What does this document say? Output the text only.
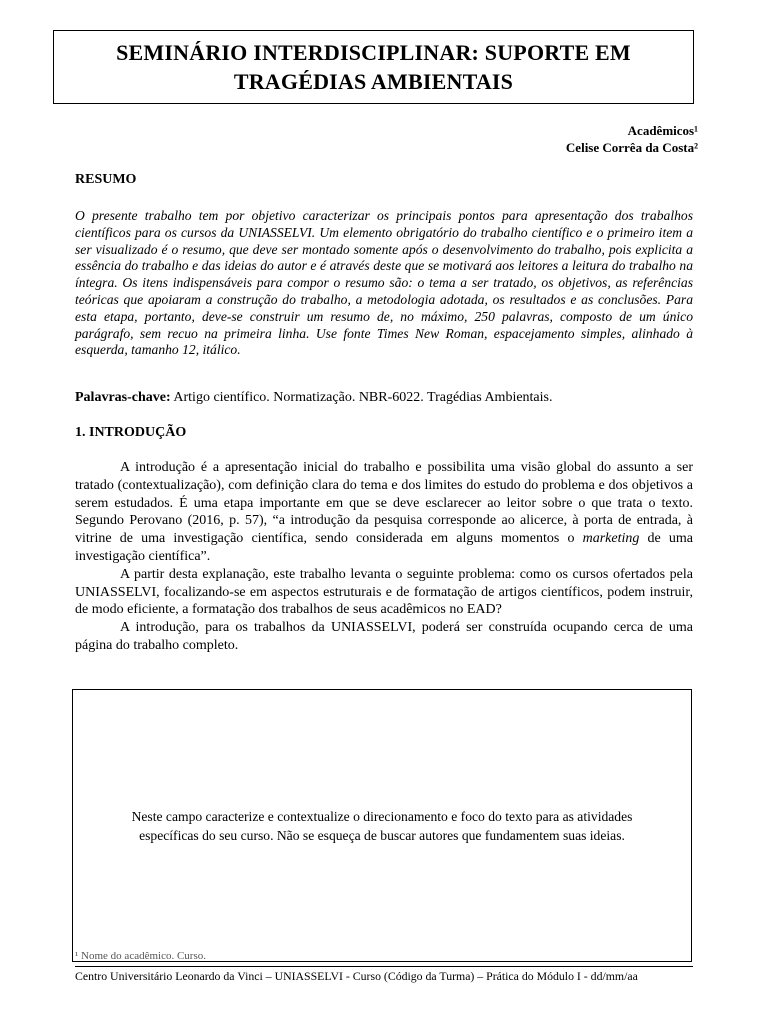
SEMINÁRIO INTERDISCIPLINAR: SUPORTE EM
TRAGÉDIAS AMBIENTAIS
Acadêmicos¹
Celise Corrêa da Costa²
RESUMO
O presente trabalho tem por objetivo caracterizar os principais pontos para apresentação dos trabalhos científicos para os cursos da UNIASSELVI. Um elemento obrigatório do trabalho científico e o primeiro item a ser visualizado é o resumo, que deve ser montado somente após o desenvolvimento do trabalho, pois explicita a essência do trabalho e das ideias do autor e é através deste que se motivará aos leitores a leitura do trabalho na íntegra. Os itens indispensáveis para compor o resumo são: o tema a ser tratado, os objetivos, as referências teóricas que apoiaram a construção do trabalho, a metodologia adotada, os resultados e as conclusões. Para esta etapa, portanto, deve-se construir um resumo de, no máximo, 250 palavras, composto de um único parágrafo, sem recuo na primeira linha. Use fonte Times New Roman, espacejamento simples, alinhado à esquerda, tamanho 12, itálico.
Palavras-chave: Artigo científico. Normatização. NBR-6022. Tragédias Ambientais.
1. INTRODUÇÃO

A introdução é a apresentação inicial do trabalho e possibilita uma visão global do assunto a ser tratado (contextualização), com definição clara do tema e dos limites do estudo do problema e dos objetivos a serem estudados. É uma etapa importante em que se deve esclarecer ao leitor sobre o que trata o texto. Segundo Perovano (2016, p. 57), “a introdução da pesquisa corresponde ao alicerce, à porta de entrada, à vitrine de uma investigação científica, sendo considerada em alguns momentos o marketing de uma investigação científica”.

A partir desta explanação, este trabalho levanta o seguinte problema: como os cursos ofertados pela UNIASSELVI, focalizando-se em aspectos estruturais e de formatação de artigos científicos, podem instruir, de modo eficiente, a formatação dos trabalhos de seus acadêmicos no EAD?

A introdução, para os trabalhos da UNIASSELVI, poderá ser construída ocupando cerca de uma página do trabalho completo.

Neste campo caracterize e contextualize o direcionamento e foco do texto para as atividades específicas do seu curso. Não se esqueça de buscar autores que fundamentem suas ideias.
¹ Nome do acadêmico. Curso.
Centro Universitário Leonardo da Vinci – UNIASSELVI - Curso (Código da Turma) – Prática do Módulo I - dd/mm/aa
